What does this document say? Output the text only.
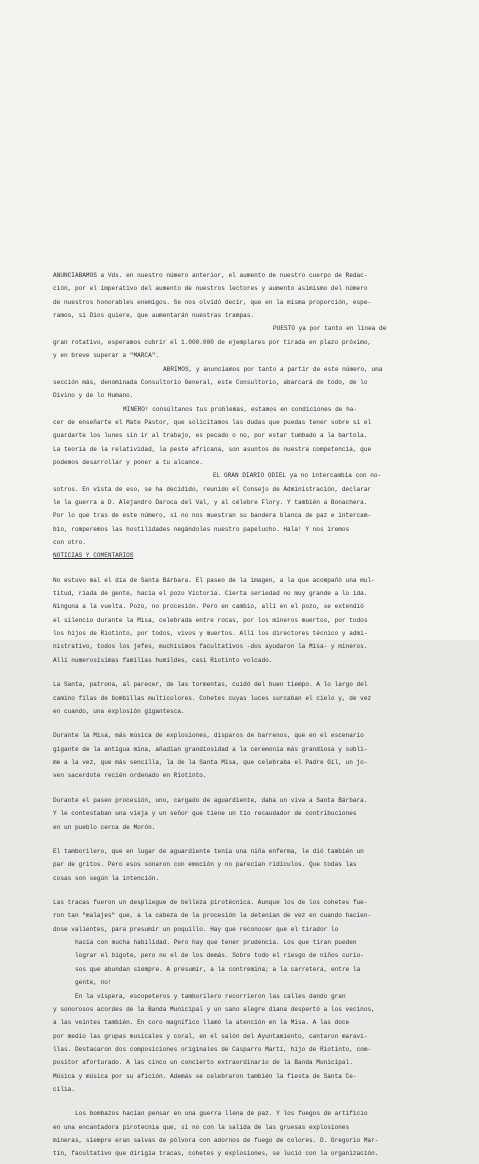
ANUNCIABAMOS a Vds. en nuestro número anterior, el aumento de nuestro cuerpo de Redac-

ción, por el imperativo del aumento de nuestros lectores y aumento asimismo del número

de nuestros honorables enemigos. Se nos olvidó decir, que en la misma proporción, espe-

ramos, si Dios quiere, que aumentarán nuestras trampas.

PUESTO ya por tanto en línea de

gran rotativo, esperamos cubrir el 1.000.000 de ejemplares por tirada en plazo próximo,

y en breve superar a "MARCA".

ABRIMOS, y anunciamos por tanto a partir de este número, una

sección más, denominada Consultorio General, este Consultorio, abarcará de todo, de lo

Divino y de lo Humano.

MINERO! consúltanos tus problemas, estamos en condiciones de ha-

cer de enseñarte el Mate Pastor, que solicitamos las dudas que puedas tener sobre si el

guardarte los lunes sin ir al trabajo, es pecado o no, por estar tumbado a la bartola.

La teoría de la relatividad, la peste africana, son asuntos de nuestra competencia, que

podemos desarrollar y poner a tu alcance.

EL GRAN DIARIO ODIEL ya no intercambia con no-

sotros. En vista de eso, se ha decidido, reunido el Consejo de Administración, declarar

le la guerra a D. Alejandro Daroca del Val, y al célebre Flory. Y también a Bonachera.

Por lo que tras de este número, si no nos muestran su bandera blanca de paz e intercam-

bio, romperemos las hostilidades negándoles nuestro papelucho. Hala! Y nos iremos

con otro.

NOTICIAS Y COMENTARIOS

No estuvo mal el día de Santa Bárbara. El paseo de la imagen, a la que acompañó una mul-

titud, riada de gente, hacia el pozo Victoria. Cierta seriedad no muy grande a lo ida.

Ninguna a la vuelta. Pozo, no procesión. Pero en cambio, allí en el pozo, se extendió

el silencio durante la Misa, celebrada entre rocas, por los mineros muertos, por todos

los hijos de Riotinto, por todos, vivos y muertos. Allí los directores técnico y admi-

nistrativo, todos los jefes, muchísimos facultativos -dos ayudaron la Misa- y mineros.

Allí numerosísimas familias humildes, casi Riotinto volcado.

La Santa, patrona, al parecer, de las tormentas, cuidó del buen tiempo. A lo largo del

camino filas de bombillas multicolores. Cohetes cuyas luces surcaban el cielo y, de vez

en cuando, una explosión gigantesca.

Durante la Misa, más música de explosiones, disparos de barrenos, que en el escenario

gigante de la antigua mina, añadían grandiosidad a la ceremonia más grandiosa y subli-

me a la vez, que más sencilla, la de la Santa Misa, que celebraba el Padre Gil, un jo-

ven sacerdote recién ordenado en Riotinto.

Durante el paseo procesión, uno, cargado de aguardiente, daba un viva a Santa Bárbara.

Y le contestaban una vieja y un señor que tiene un tío recaudador de contribuciones

en un pueblo cerca de Morón.

El tamborilero, que en lugar de aguardiente tenía una niña enferma, le dió también un

par de gritos. Pero esos sonaron con emoción y no parecían ridículos. Que todas las

cosas son según la intención.

Las tracas fueron un despliegue de belleza pirotécnica. Aunque los de los cohetes fue-

ron tan "malajes" que, a la cabeza de la procesión la detenían de vez en cuando hacien-

dose valientes, para presumir un poquillo. Hay que reconocer que el tirador lo

hacía con mucha habilidad. Pero hay que tener prudencia. Los que tiran pueden

lograr el bigote, pero no el de los demás. Sobre todo el riesgo de niños curio-

sos que abundan siempre. A presumir, a la contremina; a la carretera, entre la

gente, no!

En la víspera, escopeteros y tamborilero recorrieron las calles dando gran

y sonorosos acordes de la Banda Municipal y un sano alegre diana despertó a los vecinos,

a las veintes también. En coro magnífico llamó la atención en la Misa. A las doce

por medio las grupas musicales y coral, en el salón del Ayuntamiento, cantaron maravi-

llas. Destacaron dos composiciones originales de Casparro Martí, hijo de Riotinto, com-

positor aforturado. A las cinco un concierto extraordinario de la Banda Municipal.

Música y música por su afición. Además se celebraron también la fiesta de Santa Ce-

cilia.

Los bombazos hacían pensar en una guerra llena de paz. Y los fuegos de artificio

en una encantadora pirotecnia que, si no con la salida de las gruesas explosiones

mineras, siempre eran salvas de pólvora con adornos de fuego de colores. D. Gregorio Mar-

tín, facultativo que dirigía tracas, cohetes y explosiones, se lució con la organización.
